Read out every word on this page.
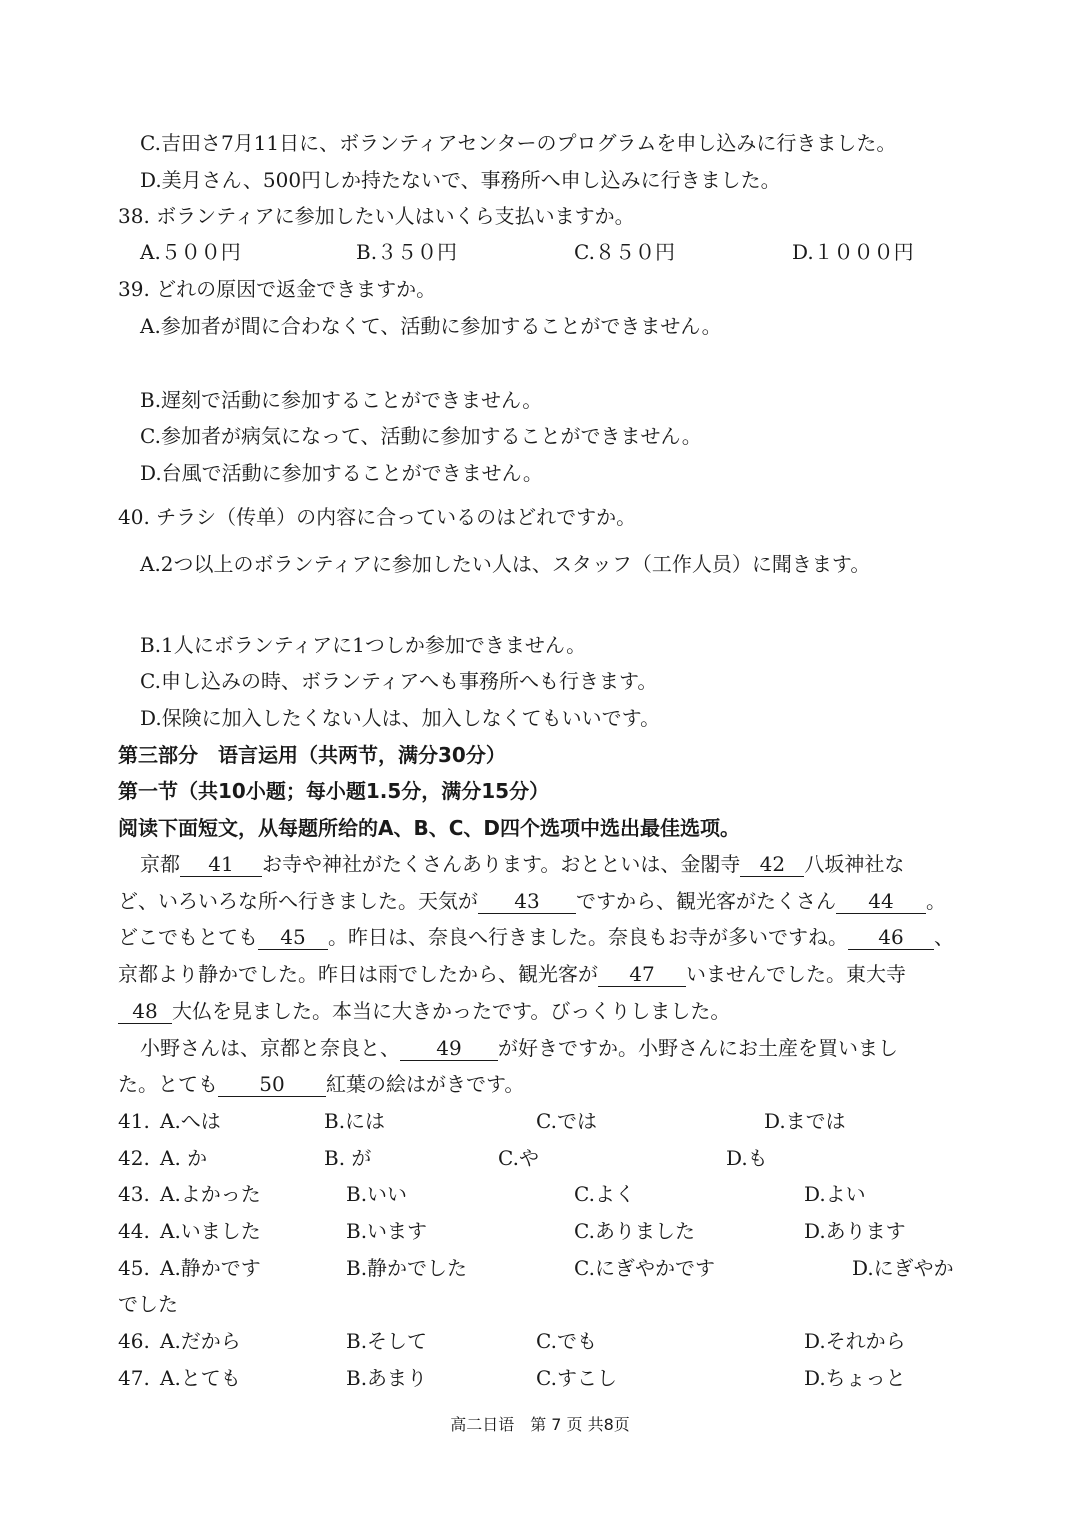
C.吉田さ7月11日に、ボランティアセンターのプログラムを申し込みに行きました。
D.美月さん、500円しか持たないで、事務所へ申し込みに行きました。
38. ボランティアに参加したい人はいくら支払いますか。
A.５００円	B.３５０円	C.８５０円	D.１０００円
39. どれの原因で返金できますか。
A.参加者が間に合わなくて、活動に参加することができません。
B.遅刻で活動に参加することができません。
C.参加者が病気になって、活動に参加することができません。
D.台風で活動に参加することができません。
40. チラシ（传单）の内容に合っているのはどれですか。
A.2つ以上のボランティアに参加したい人は、スタッフ（工作人员）に聞きます。
B.1人にボランティアに1つしか参加できません。
C.申し込みの時、ボランティアへも事務所へも行きます。
D.保険に加入したくない人は、加入しなくてもいいです。
第三部分　语言运用（共两节，满分30分）
第一节（共10小题；每小题1.5分，满分15分）
阅读下面短文，从每题所给的A、B、C、D四个选项中选出最佳选项。
京都 41 お寺や神社がたくさんあります。おとといは、金閣寺 42 八坂神社な
ど、いろいろな所へ行きました。天気が 43 ですから、観光客がたくさん 44 。
どこでもとても 45 。昨日は、奈良へ行きました。奈良もお寺が多いですね。 46 、
京都より静かでした。昨日は雨でしたから、観光客が 47 いませんでした。東大寺
48 大仏を見ました。本当に大きかったです。びっくりしました。
小野さんは、京都と奈良と、 49 が好きですか。小野さんにお土産を買いまし
た。とても 50 紅葉の絵はがきです。
41. A.へは	B.には	C.では	D.までは
42. A. か	B. が	C.や	D.も
43. A.よかった	B.いい	C.よく	D.よい
44. A.いました	B.います	C.ありました	D.あります
45. A.静かです	B.静かでした	C.にぎやかです	D.にぎやか
でした
46. A.だから	B.そして	C.でも	D.それから
47. A.とても	B.あまり	C.すこし	D.ちょっと
高二日语　第 7 页 共8页
